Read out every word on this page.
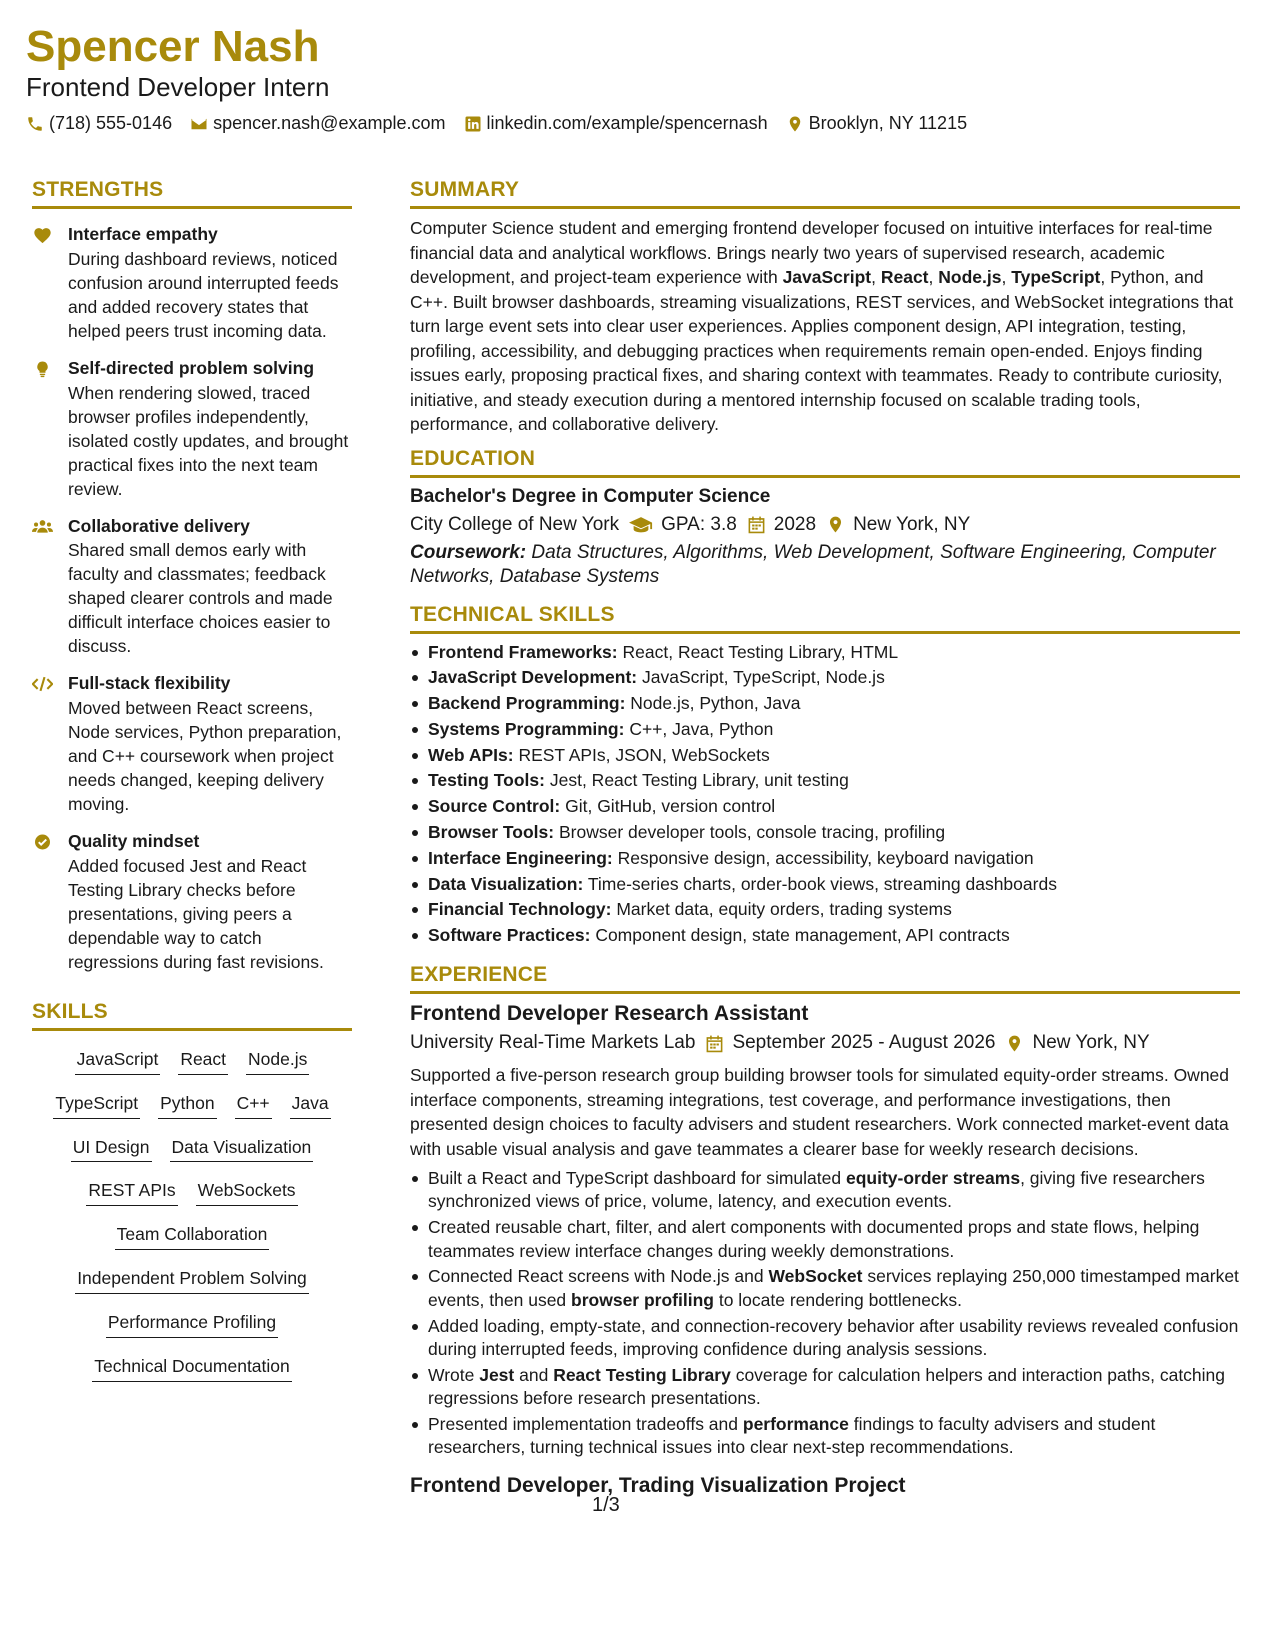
Spencer Nash
Frontend Developer Intern
(718) 555-0146 spencer.nash@example.com linkedin.com/example/spencernash Brooklyn, NY 11215
STRENGTHS
Interface empathy
During dashboard reviews, noticed confusion around interrupted feeds and added recovery states that helped peers trust incoming data.
Self-directed problem solving
When rendering slowed, traced browser profiles independently, isolated costly updates, and brought practical fixes into the next team review.
Collaborative delivery
Shared small demos early with faculty and classmates; feedback shaped clearer controls and made difficult interface choices easier to discuss.
Full-stack flexibility
Moved between React screens, Node services, Python preparation, and C++ coursework when project needs changed, keeping delivery moving.
Quality mindset
Added focused Jest and React Testing Library checks before presentations, giving peers a dependable way to catch regressions during fast revisions.
SKILLS
JavaScript React Node.js
TypeScript Python C++ Java
UI Design Data Visualization
REST APIs WebSockets
Team Collaboration
Independent Problem Solving
Performance Profiling
Technical Documentation
SUMMARY
Computer Science student and emerging frontend developer focused on intuitive interfaces for real-time financial data and analytical workflows. Brings nearly two years of supervised research, academic development, and project-team experience with JavaScript, React, Node.js, TypeScript, Python, and C++. Built browser dashboards, streaming visualizations, REST services, and WebSocket integrations that turn large event sets into clear user experiences. Applies component design, API integration, testing, profiling, accessibility, and debugging practices when requirements remain open-ended. Enjoys finding issues early, proposing practical fixes, and sharing context with teammates. Ready to contribute curiosity, initiative, and steady execution during a mentored internship focused on scalable trading tools, performance, and collaborative delivery.
EDUCATION
Bachelor's Degree in Computer Science
City College of New York GPA: 3.8 2028 New York, NY
Coursework: Data Structures, Algorithms, Web Development, Software Engineering, Computer Networks, Database Systems
TECHNICAL SKILLS
Frontend Frameworks: React, React Testing Library, HTML
JavaScript Development: JavaScript, TypeScript, Node.js
Backend Programming: Node.js, Python, Java
Systems Programming: C++, Java, Python
Web APIs: REST APIs, JSON, WebSockets
Testing Tools: Jest, React Testing Library, unit testing
Source Control: Git, GitHub, version control
Browser Tools: Browser developer tools, console tracing, profiling
Interface Engineering: Responsive design, accessibility, keyboard navigation
Data Visualization: Time-series charts, order-book views, streaming dashboards
Financial Technology: Market data, equity orders, trading systems
Software Practices: Component design, state management, API contracts
EXPERIENCE
Frontend Developer Research Assistant
University Real-Time Markets Lab September 2025 - August 2026 New York, NY
Supported a five-person research group building browser tools for simulated equity-order streams. Owned interface components, streaming integrations, test coverage, and performance investigations, then presented design choices to faculty advisers and student researchers. Work connected market-event data with usable visual analysis and gave teammates a clearer base for weekly research decisions.
Built a React and TypeScript dashboard for simulated equity-order streams, giving five researchers synchronized views of price, volume, latency, and execution events.
Created reusable chart, filter, and alert components with documented props and state flows, helping teammates review interface changes during weekly demonstrations.
Connected React screens with Node.js and WebSocket services replaying 250,000 timestamped market events, then used browser profiling to locate rendering bottlenecks.
Added loading, empty-state, and connection-recovery behavior after usability reviews revealed confusion during interrupted feeds, improving confidence during analysis sessions.
Wrote Jest and React Testing Library coverage for calculation helpers and interaction paths, catching regressions before research presentations.
Presented implementation tradeoffs and performance findings to faculty advisers and student researchers, turning technical issues into clear next-step recommendations.
Frontend Developer, Trading Visualization Project
1/3
